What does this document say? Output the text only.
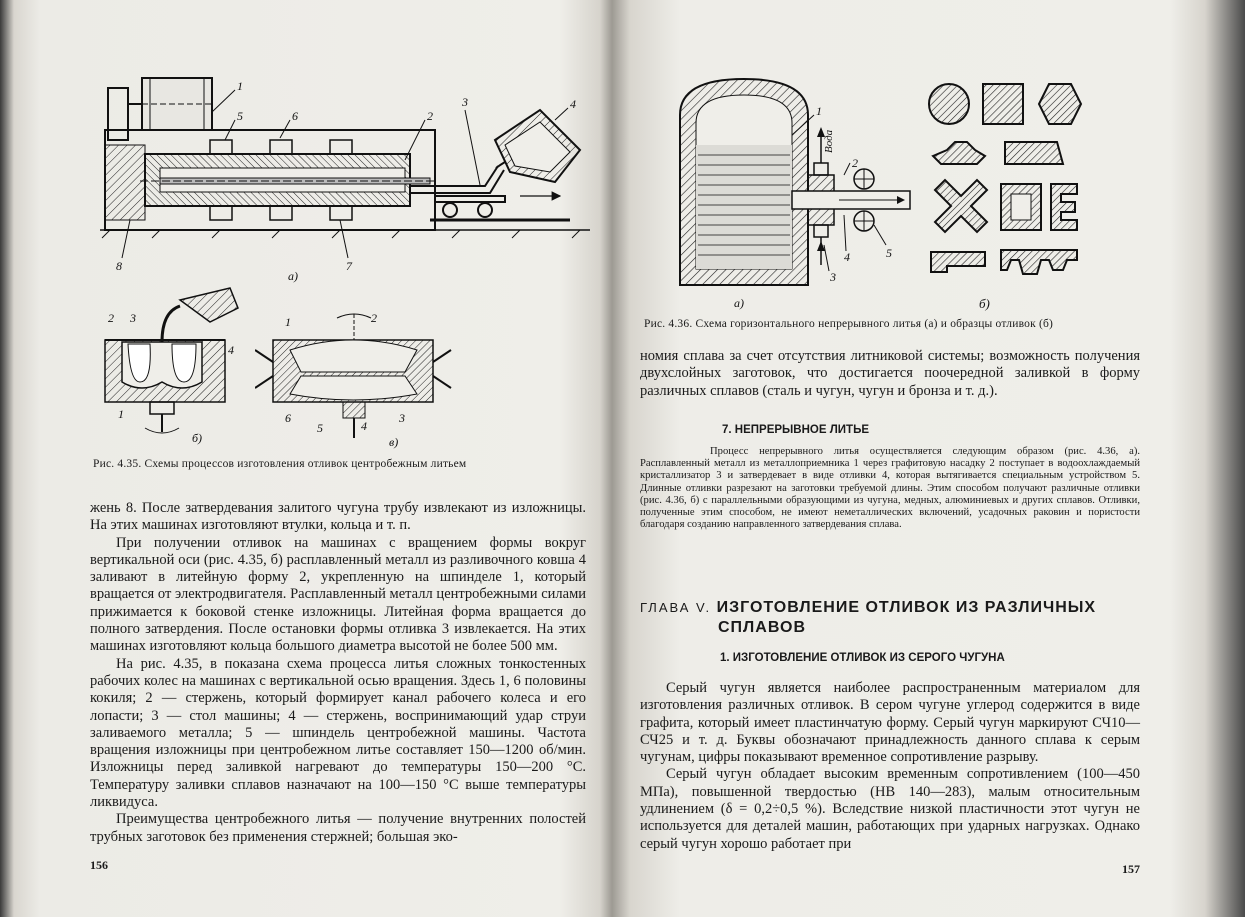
1
5	6	2
3	4
8	7
а)
2 3
4
1
б)
1	2
6
4
5
3
в)
Рис. 4.35. Схемы процессов изготовления отливок центробежным литьем

жень 8. После затвердевания залитого чугуна трубу извлекают из изложницы. На этих машинах изготовляют втулки, кольца и т. п.

При получении отливок на машинах с вращением формы вокруг вертикальной оси (рис. 4.35, б) расплавленный металл из разливочного ковша 4 заливают в литейную форму 2, укрепленную на шпинделе 1, который вращается от электродвигателя. Расплавленный металл центробежными силами прижимается к боковой стенке изложницы. Литейная форма вращается до полного затвердения. После остановки формы отливка 3 извлекается. На этих машинах изготовляют кольца большого диаметра высотой не более 500 мм.

На рис. 4.35, в показана схема процесса литья сложных тонкостенных рабочих колес на машинах с вертикальной осью вращения. Здесь 1, 6 половины кокиля; 2 — стержень, который формирует канал рабочего колеса и его лопасти; 3 — стол машины; 4 — стержень, воспринимающий удар струи заливаемого металла; 5 — шпиндель центробежной машины. Частота вращения изложницы при центробежном литье составляет 150—1200 об/мин. Изложницы перед заливкой нагревают до температуры 150—200 °С. Температуру заливки сплавов назначают на 100—150 °С выше температуры ликвидуса.

Преимущества центробежного литья — получение внутренних полостей трубных заготовок без применения стержней; большая эко-

156
1
2
4	5
3
Вода
а)	б)
Рис. 4.36. Схема горизонтального непрерывного литья (а) и образцы отливок (б)

номия сплава за счет отсутствия литниковой системы; возможность получения двухслойных заготовок, что достигается поочередной заливкой в форму различных сплавов (сталь и чугун, чугун и бронза и т. д.).

7. НЕПРЕРЫВНОЕ ЛИТЬЕ

Процесс непрерывного литья осуществляется следующим образом (рис. 4.36, а). Расплавленный металл из металлоприемника 1 через графитовую насадку 2 поступает в водоохлаждаемый кристаллизатор 3 и затвердевает в виде отливки 4, которая вытягивается специальным устройством 5. Длинные отливки разрезают на заготовки требуемой длины. Этим способом получают различные отливки (рис. 4.36, б) с параллельными образующими из чугуна, медных, алюминиевых и других сплавов. Отливки, полученные этим способом, не имеют неметаллических включений, усадочных раковин и пористости благодаря созданию направленного затвердевания сплава.

ГЛАВА V. ИЗГОТОВЛЕНИЕ ОТЛИВОК ИЗ РАЗЛИЧНЫХ
СПЛАВОВ
1. ИЗГОТОВЛЕНИЕ ОТЛИВОК ИЗ СЕРОГО ЧУГУНА

Серый чугун является наиболее распространенным материалом для изготовления различных отливок. В сером чугуне углерод содержится в виде графита, который имеет пластинчатую форму. Серый чугун маркируют СЧ10—СЧ25 и т. д. Буквы обозначают принадлежность данного сплава к серым чугунам, цифры показывают временное сопротивление разрыву.

Серый чугун обладает высоким временным сопротивлением (100—450 МПа), повышенной твердостью (HB 140—283), малым относительным удлинением (δ = 0,2÷0,5 %). Вследствие низкой пластичности этот чугун не используется для деталей машин, работающих при ударных нагрузках. Однако серый чугун хорошо работает при

157
